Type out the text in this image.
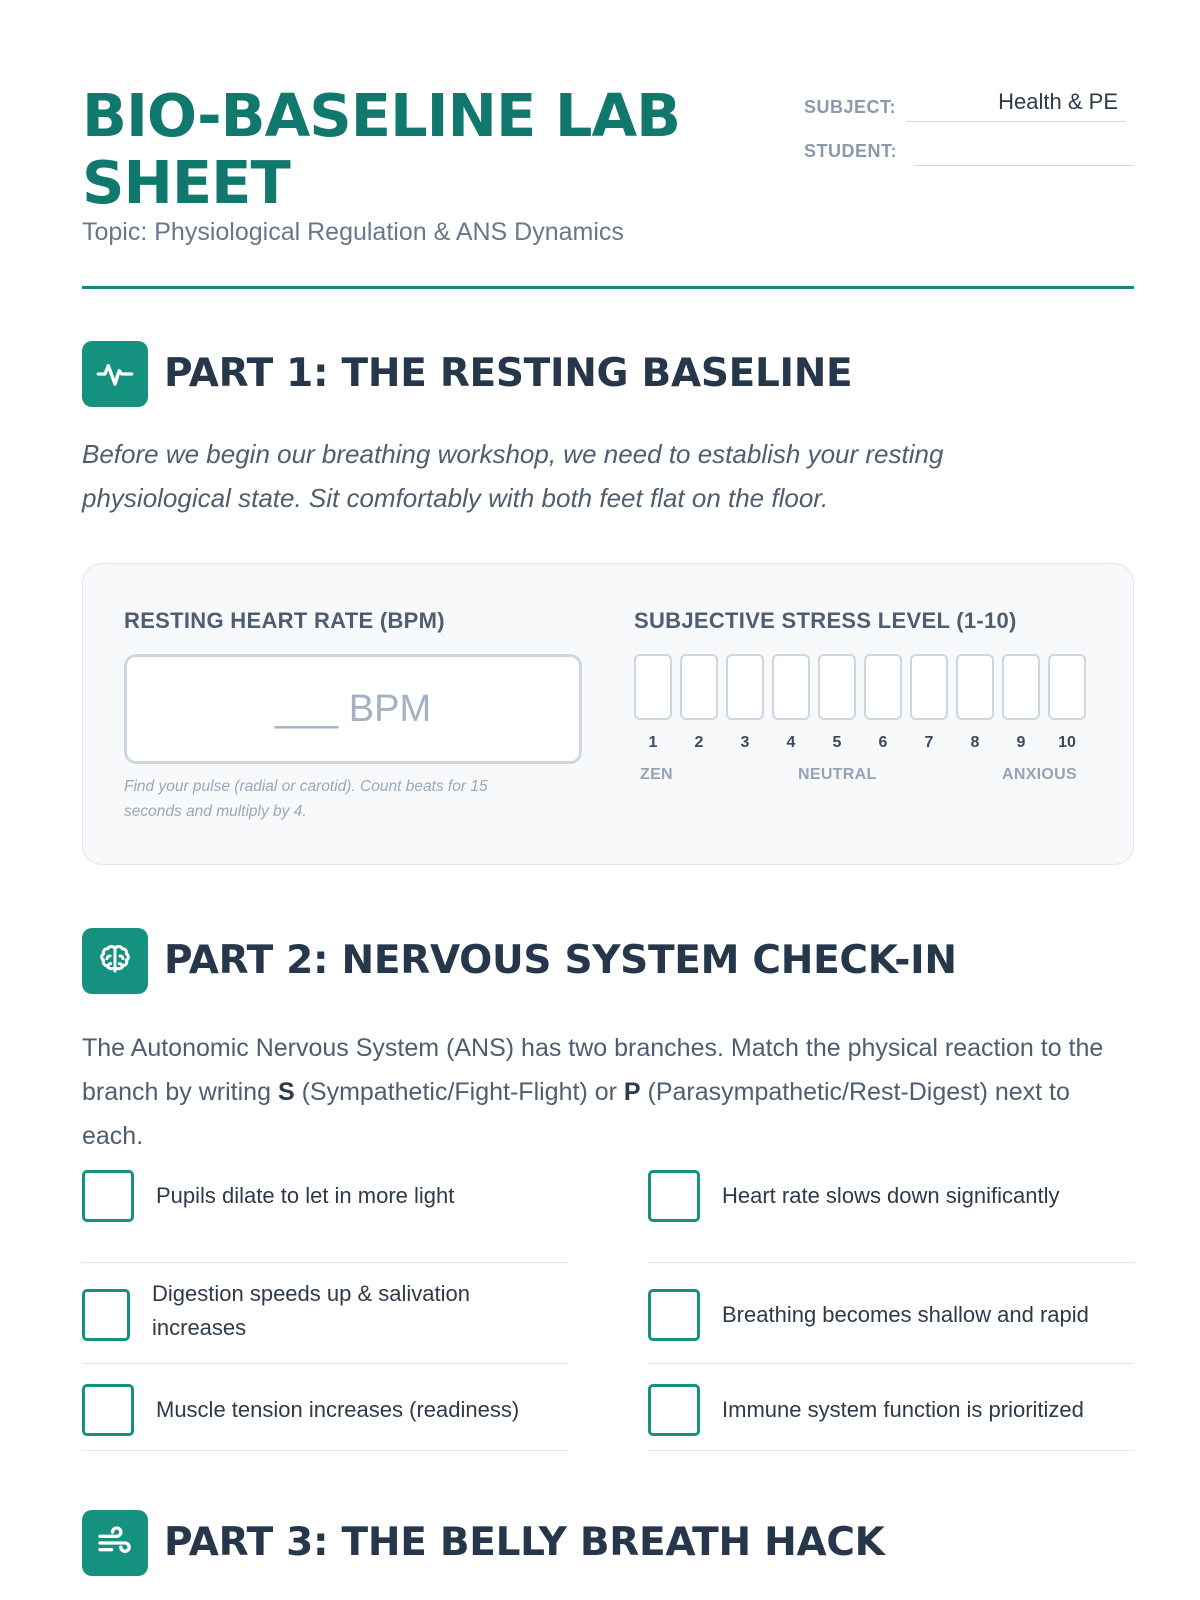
BIO-BASELINE LAB SHEET
Topic: Physiological Regulation & ANS Dynamics
SUBJECT:	Health & PE
STUDENT:
PART 1: THE RESTING BASELINE

Before we begin our breathing workshop, we need to establish your resting physiological state. Sit comfortably with both feet flat on the floor.

RESTING HEART RATE (BPM)
___ BPM
Find your pulse (radial or carotid). Count beats for 15 seconds and multiply by 4.
SUBJECTIVE STRESS LEVEL (1-10)
1	2	3	4	5	6	7	8	9	10
ZEN	NEUTRAL	ANXIOUS
PART 2: NERVOUS SYSTEM CHECK-IN

The Autonomic Nervous System (ANS) has two branches. Match the physical reaction to the branch by writing S (Sympathetic/Fight-Flight) or P (Parasympathetic/Rest-Digest) next to each.

Pupils dilate to let in more light
Digestion speeds up & salivation increases
Muscle tension increases (readiness)
Heart rate slows down significantly
Breathing becomes shallow and rapid
Immune system function is prioritized
PART 3: THE BELLY BREATH HACK
